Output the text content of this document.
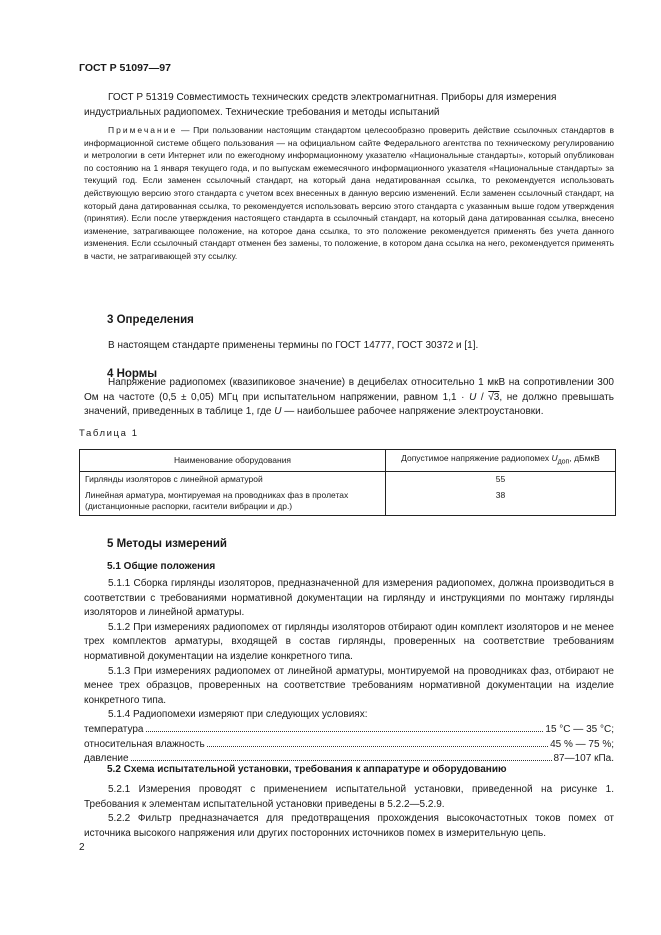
ГОСТ Р 51097—97

ГОСТ Р 51319 Совместимость технических средств электромагнитная. Приборы для измерения

индустриальных радиопомех. Технические требования и методы испытаний

Примечание — При пользовании настоящим стандартом целесообразно проверить действие ссылочных стандартов в информационной системе общего пользования — на официальном сайте Федерального агентства по техническому регулированию и метрологии в сети Интернет или по ежегодному информационному указателю «Национальные стандарты», который опубликован по состоянию на 1 января текущего года, и по выпускам ежемесячного информационного указателя «Национальные стандарты» за текущий год. Если заменен ссылочный стандарт, на который дана недатированная ссылка, то рекомендуется использовать действующую версию этого стандарта с учетом всех внесенных в данную версию изменений. Если заменен ссылочный стандарт, на который дана датированная ссылка, то рекомендуется использовать версию этого стандарта с указанным выше годом утверждения (принятия). Если после утверждения настоящего стандарта в ссылочный стандарт, на который дана датированная ссылка, внесено изменение, затрагивающее положение, на которое дана ссылка, то это положение рекомендуется применять без учета данного изменения. Если ссылочный стандарт отменен без замены, то положение, в котором дана ссылка на него, рекомендуется применять в части, не затрагивающей эту ссылку.

3 Определения

В настоящем стандарте применены термины по ГОСТ 14777, ГОСТ 30372 и [1].

4 Нормы

Напряжение радиопомех (квазипиковое значение) в децибелах относительно 1 мкВ на сопротивлении 300 Ом на частоте (0,5 ± 0,05) МГц при испытательном напряжении, равном 1,1 · U / √3, не должно превышать значений, приведенных в таблице 1, где U — наибольшее рабочее напряжение электроустановки.

Таблица 1
Наименование оборудования	Допустимое напряжение радиопомех $U_{доп}$, дБмкВ
Гирлянды изоляторов с линейной арматурой	55
Линейная арматура, монтируемая на проводниках фаз в пролетах (дистанционные распорки, гасители вибрации и др.)	38
5 Методы измерений
5.1 Общие положения

5.1.1 Сборка гирлянды изоляторов, предназначенной для измерения радиопомех, должна производиться в соответствии с требованиями нормативной документации на гирлянду и инструкциями по монтажу гирлянды изоляторов и линейной арматуры.

5.1.2 При измерениях радиопомех от гирлянды изоляторов отбирают один комплект изоляторов и не менее трех комплектов арматуры, входящей в состав гирлянды, проверенных на соответствие требованиям нормативной документации на изделие конкретного типа.

5.1.3 При измерениях радиопомех от линейной арматуры, монтируемой на проводниках фаз, отбирают не менее трех образцов, проверенных на соответствие требованиям нормативной документации на изделие конкретного типа.

5.1.4 Радиопомехи измеряют при следующих условиях:

температура	15 °С — 35 °С;
относительная влажность	45 % — 75 %;
давление	87—107 кПа.
5.2 Схема испытательной установки, требования к аппаратуре и оборудованию

5.2.1 Измерения проводят с применением испытательной установки, приведенной на рисунке 1. Требования к элементам испытательной установки приведены в 5.2.2—5.2.9.

5.2.2 Фильтр предназначается для предотвращения прохождения высокочастотных токов помех от источника высокого напряжения или других посторонних источников помех в измерительную цепь.

2
